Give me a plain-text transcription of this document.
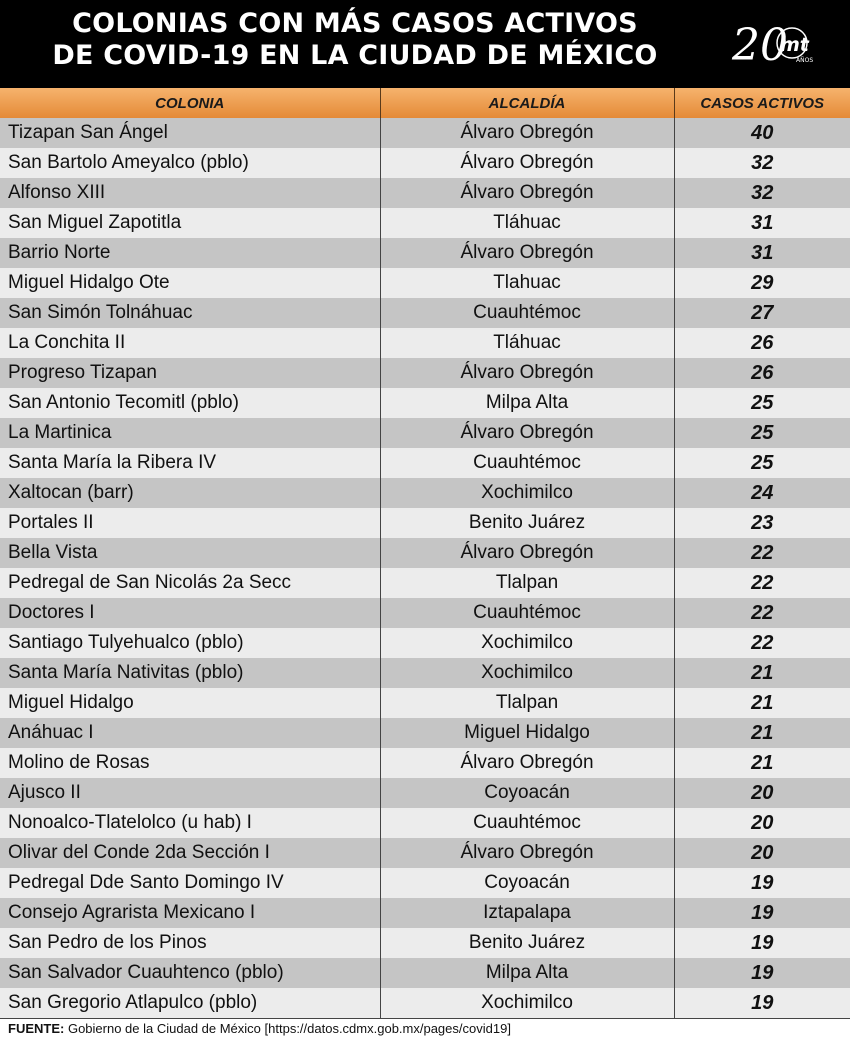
COLONIAS CON MÁS CASOS ACTIVOS
DE COVID-19 EN LA CIUDAD DE MÉXICO	20
mt
AÑOS
COLONIA	ALCALDÍA	CASOS ACTIVOS
Tizapan San Ángel	Álvaro Obregón	40
San Bartolo Ameyalco (pblo)	Álvaro Obregón	32
Alfonso XIII	Álvaro Obregón	32
San Miguel Zapotitla	Tláhuac	31
Barrio Norte	Álvaro Obregón	31
Miguel Hidalgo Ote	Tlahuac	29
San Simón Tolnáhuac	Cuauhtémoc	27
La Conchita II	Tláhuac	26
Progreso Tizapan	Álvaro Obregón	26
San Antonio Tecomitl (pblo)	Milpa Alta	25
La Martinica	Álvaro Obregón	25
Santa María la Ribera IV	Cuauhtémoc	25
Xaltocan (barr)	Xochimilco	24
Portales II	Benito Juárez	23
Bella Vista	Álvaro Obregón	22
Pedregal de San Nicolás 2a Secc	Tlalpan	22
Doctores I	Cuauhtémoc	22
Santiago Tulyehualco (pblo)	Xochimilco	22
Santa María Nativitas (pblo)	Xochimilco	21
Miguel Hidalgo	Tlalpan	21
Anáhuac I	Miguel Hidalgo	21
Molino de Rosas	Álvaro Obregón	21
Ajusco II	Coyoacán	20
Nonoalco-Tlatelolco (u hab) I	Cuauhtémoc	20
Olivar del Conde 2da Sección I	Álvaro Obregón	20
Pedregal Dde Santo Domingo IV	Coyoacán	19
Consejo Agrarista Mexicano I	Iztapalapa	19
San Pedro de los Pinos	Benito Juárez	19
San Salvador Cuauhtenco (pblo)	Milpa Alta	19
San Gregorio Atlapulco (pblo)	Xochimilco	19
FUENTE: Gobierno de la Ciudad de México [https://datos.cdmx.gob.mx/pages/covid19]
